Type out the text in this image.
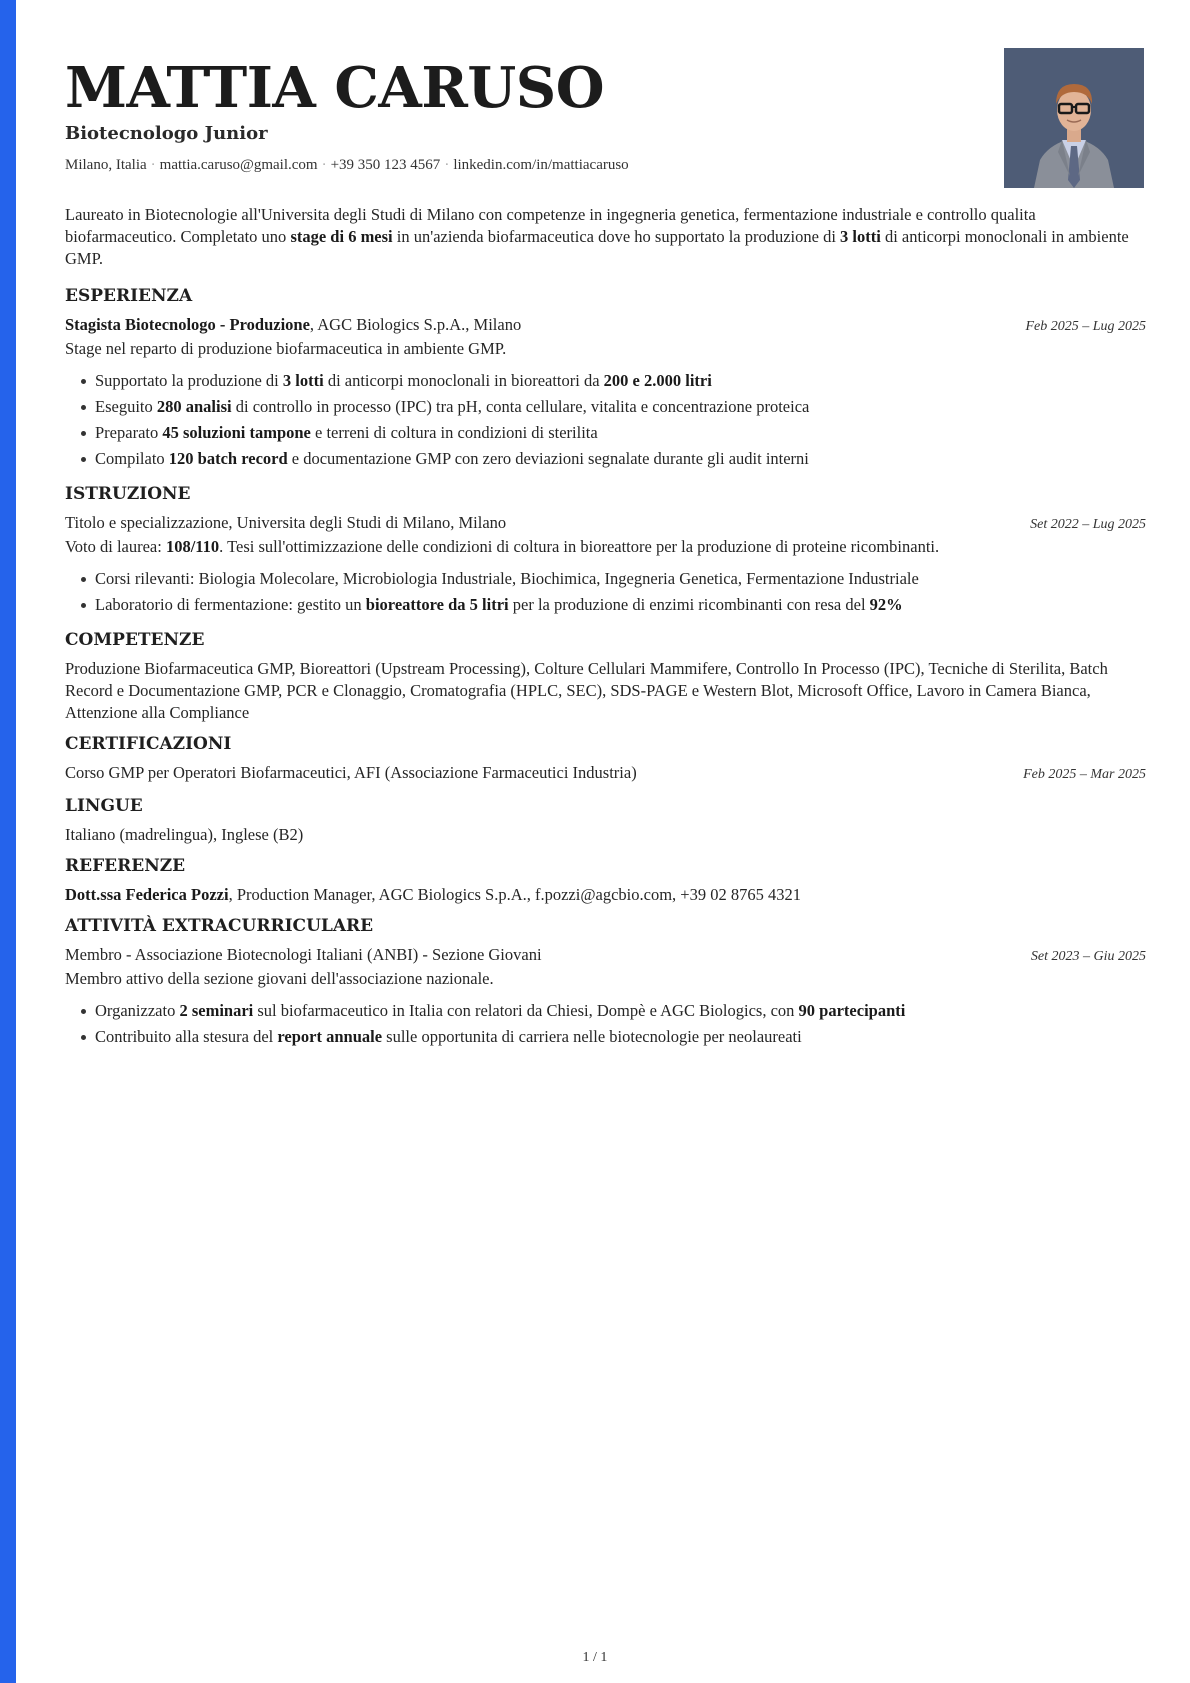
MATTIA CARUSO
Biotecnologo Junior
Milano, Italia · mattia.caruso@gmail.com · +39 350 123 4567 · linkedin.com/in/mattiacaruso

Laureato in Biotecnologie all'Universita degli Studi di Milano con competenze in ingegneria genetica, fermentazione industriale e controllo qualita biofarmaceutico. Completato uno stage di 6 mesi in un'azienda biofarmaceutica dove ho supportato la produzione di 3 lotti di anticorpi monoclonali in ambiente GMP.

ESPERIENZA
Stagista Biotecnologo - Produzione, AGC Biologics S.p.A., Milano	Feb 2025 – Lug 2025
Stage nel reparto di produzione biofarmaceutica in ambiente GMP.
Supportato la produzione di 3 lotti di anticorpi monoclonali in bioreattori da 200 e 2.000 litri
Eseguito 280 analisi di controllo in processo (IPC) tra pH, conta cellulare, vitalita e concentrazione proteica
Preparato 45 soluzioni tampone e terreni di coltura in condizioni di sterilita
Compilato 120 batch record e documentazione GMP con zero deviazioni segnalate durante gli audit interni
ISTRUZIONE
Titolo e specializzazione, Universita degli Studi di Milano, Milano	Set 2022 – Lug 2025
Voto di laurea: 108/110. Tesi sull'ottimizzazione delle condizioni di coltura in bioreattore per la produzione di proteine ricombinanti.
Corsi rilevanti: Biologia Molecolare, Microbiologia Industriale, Biochimica, Ingegneria Genetica, Fermentazione Industriale
Laboratorio di fermentazione: gestito un bioreattore da 5 litri per la produzione di enzimi ricombinanti con resa del 92%
COMPETENZE

Produzione Biofarmaceutica GMP, Bioreattori (Upstream Processing), Colture Cellulari Mammifere, Controllo In Processo (IPC), Tecniche di Sterilita, Batch Record e Documentazione GMP, PCR e Clonaggio, Cromatografia (HPLC, SEC), SDS-PAGE e Western Blot, Microsoft Office, Lavoro in Camera Bianca, Attenzione alla Compliance

CERTIFICAZIONI
Corso GMP per Operatori Biofarmaceutici, AFI (Associazione Farmaceutici Industria)	Feb 2025 – Mar 2025
LINGUE

Italiano (madrelingua), Inglese (B2)

REFERENZE

Dott.ssa Federica Pozzi, Production Manager, AGC Biologics S.p.A., f.pozzi@agcbio.com, +39 02 8765 4321

ATTIVITÀ EXTRACURRICULARE
Membro - Associazione Biotecnologi Italiani (ANBI) - Sezione Giovani	Set 2023 – Giu 2025
Membro attivo della sezione giovani dell'associazione nazionale.
Organizzato 2 seminari sul biofarmaceutico in Italia con relatori da Chiesi, Dompè e AGC Biologics, con 90 partecipanti
Contribuito alla stesura del report annuale sulle opportunita di carriera nelle biotecnologie per neolaureati
1 / 1
